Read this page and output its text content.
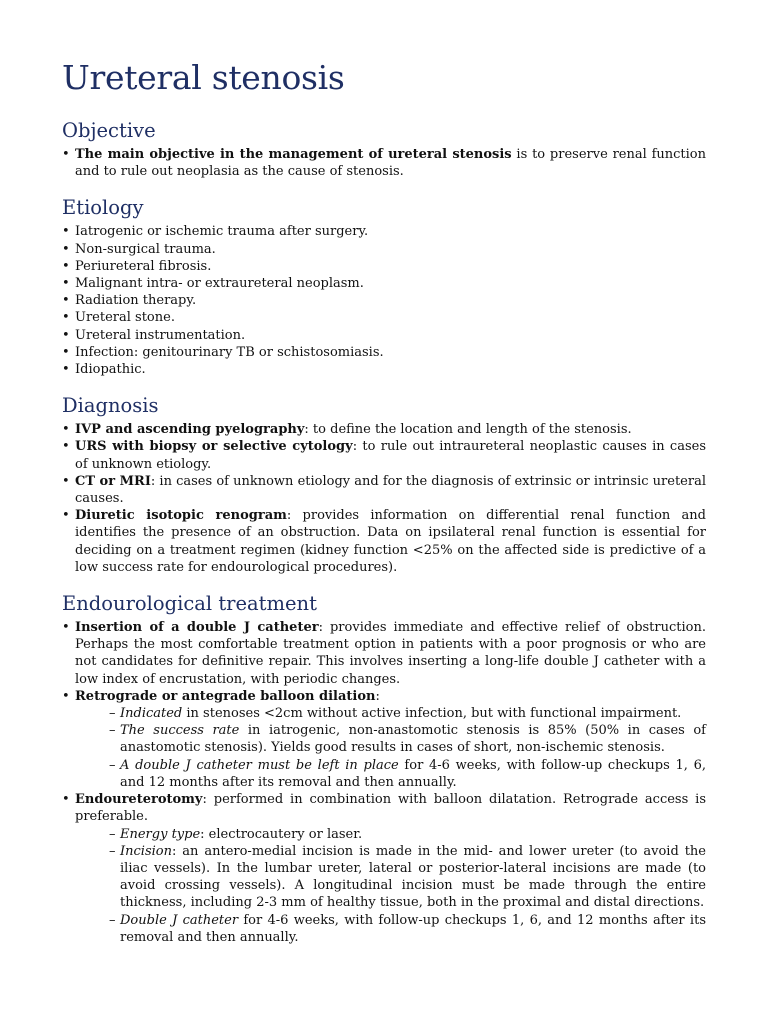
Ureteral stenosis
Objective
• The main objective in the management of ureteral stenosis is to preserve renal function and to rule out neoplasia as the cause of stenosis.
Etiology
• Iatrogenic or ischemic trauma after surgery.
• Non-surgical trauma.
• Periureteral fibrosis.
• Malignant intra- or extraureteral neoplasm.
• Radiation therapy.
• Ureteral stone.
• Ureteral instrumentation.
• Infection: genitourinary TB or schistosomiasis.
• Idiopathic.
Diagnosis
• IVP and ascending pyelography: to define the location and length of the stenosis.
• URS with biopsy or selective cytology: to rule out intraureteral neoplastic causes in cases of unknown etiology.
• CT or MRI: in cases of unknown etiology and for the diagnosis of extrinsic or intrinsic ureteral causes.
• Diuretic isotopic renogram: provides information on differential renal function and identifies the presence of an obstruction. Data on ipsilateral renal function is essential for deciding on a treatment regimen (kidney function <25% on the affected side is predictive of a low success rate for endourological procedures).
Endourological treatment
• Insertion of a double J catheter: provides immediate and effective relief of obstruction. Perhaps the most comfortable treatment option in patients with a poor prognosis or who are not candidates for definitive repair. This involves inserting a long-life double J catheter with a low index of encrustation, with periodic changes.
• Retrograde or antegrade balloon dilation:
– Indicated in stenoses <2cm without active infection, but with functional impairment.
– The success rate in iatrogenic, non-anastomotic stenosis is 85% (50% in cases of anastomotic stenosis). Yields good results in cases of short, non-ischemic stenosis.
– A double J catheter must be left in place for 4-6 weeks, with follow-up checkups 1, 6, and 12 months after its removal and then annually.
• Endoureterotomy: performed in combination with balloon dilatation. Retrograde access is preferable.
– Energy type: electrocautery or laser.
– Incision: an antero-medial incision is made in the mid- and lower ureter (to avoid the iliac vessels). In the lumbar ureter, lateral or posterior-lateral incisions are made (to avoid crossing vessels). A longitudinal incision must be made through the entire thickness, including 2-3 mm of healthy tissue, both in the proximal and distal directions.
– Double J catheter for 4-6 weeks, with follow-up checkups 1, 6, and 12 months after its removal and then annually.
